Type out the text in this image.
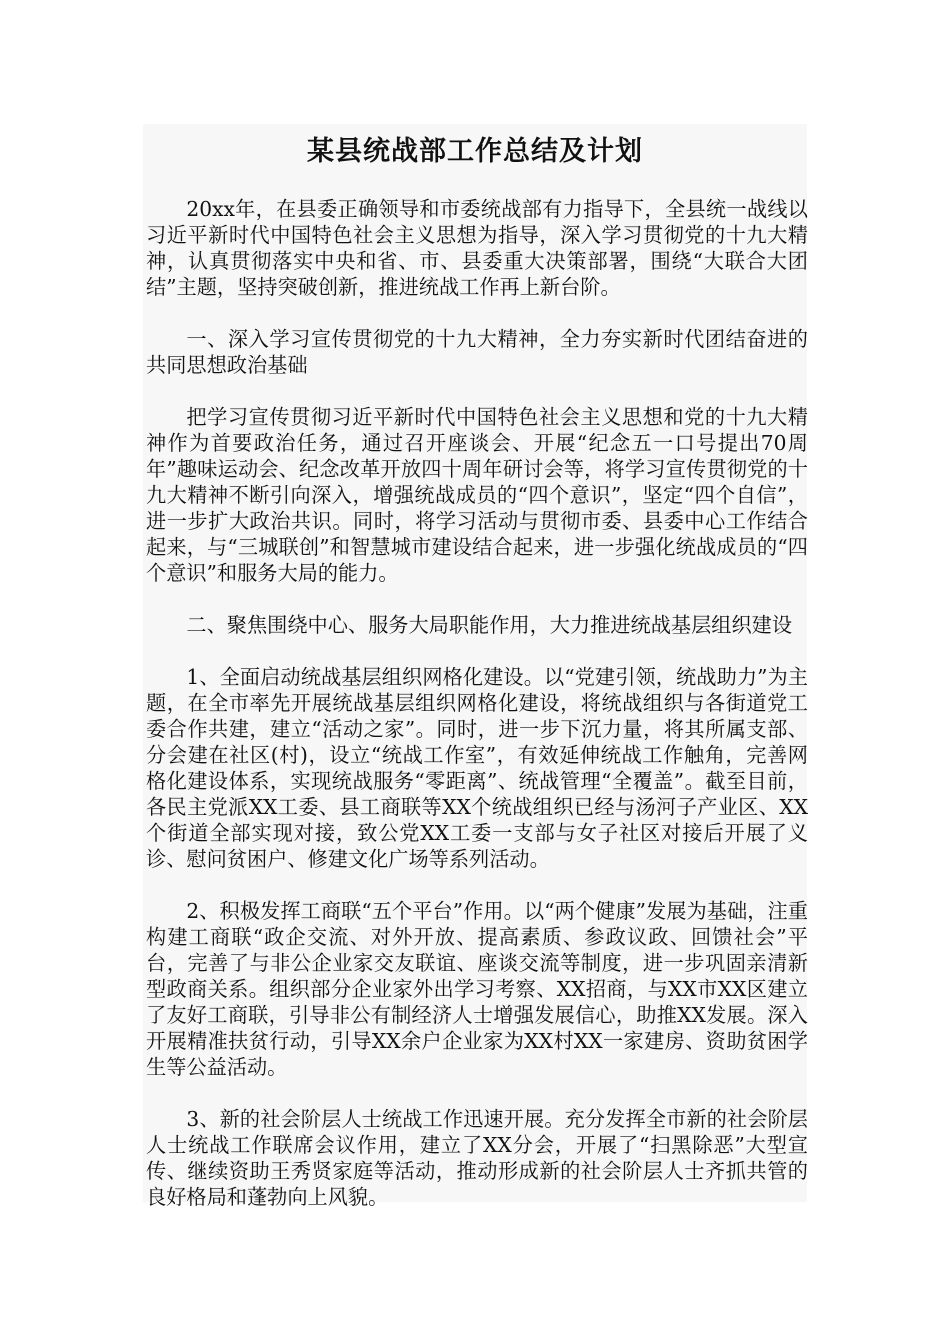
某县统战部工作总结及计划

20xx年，在县委正确领导和市委统战部有力指导下，全县统一战线以习近平新时代中国特色社会主义思想为指导，深入学习贯彻党的十九大精神，认真贯彻落实中央和省、市、县委重大决策部署，围绕“大联合大团结”主题，坚持突破创新，推进统战工作再上新台阶。

一、深入学习宣传贯彻党的十九大精神，全力夯实新时代团结奋进的共同思想政治基础

把学习宣传贯彻习近平新时代中国特色社会主义思想和党的十九大精神作为首要政治任务，通过召开座谈会、开展“纪念五一口号提出70周年”趣味运动会、纪念改革开放四十周年研讨会等，将学习宣传贯彻党的十九大精神不断引向深入，增强统战成员的“四个意识”，坚定“四个自信”，进一步扩大政治共识。同时，将学习活动与贯彻市委、县委中心工作结合起来，与“三城联创”和智慧城市建设结合起来，进一步强化统战成员的“四个意识”和服务大局的能力。

二、聚焦围绕中心、服务大局职能作用，大力推进统战基层组织建设

1、全面启动统战基层组织网格化建设。以“党建引领，统战助力”为主题，在全市率先开展统战基层组织网格化建设，将统战组织与各街道党工委合作共建，建立“活动之家”。同时，进一步下沉力量，将其所属支部、分会建在社区(村)，设立“统战工作室”，有效延伸统战工作触角，完善网格化建设体系，实现统战服务“零距离”、统战管理“全覆盖”。截至目前，各民主党派XX工委、县工商联等XX个统战组织已经与汤河子产业区、XX个街道全部实现对接，致公党XX工委一支部与女子社区对接后开展了义诊、慰问贫困户、修建文化广场等系列活动。

2、积极发挥工商联“五个平台”作用。以“两个健康”发展为基础，注重构建工商联“政企交流、对外开放、提高素质、参政议政、回馈社会”平台，完善了与非公企业家交友联谊、座谈交流等制度，进一步巩固亲清新型政商关系。组织部分企业家外出学习考察、XX招商，与XX市XX区建立了友好工商联，引导非公有制经济人士增强发展信心，助推XX发展。深入开展精准扶贫行动，引导XX余户企业家为XX村XX一家建房、资助贫困学生等公益活动。

3、新的社会阶层人士统战工作迅速开展。充分发挥全市新的社会阶层人士统战工作联席会议作用，建立了XX分会，开展了“扫黑除恶”大型宣传、继续资助王秀贤家庭等活动，推动形成新的社会阶层人士齐抓共管的良好格局和蓬勃向上风貌。
